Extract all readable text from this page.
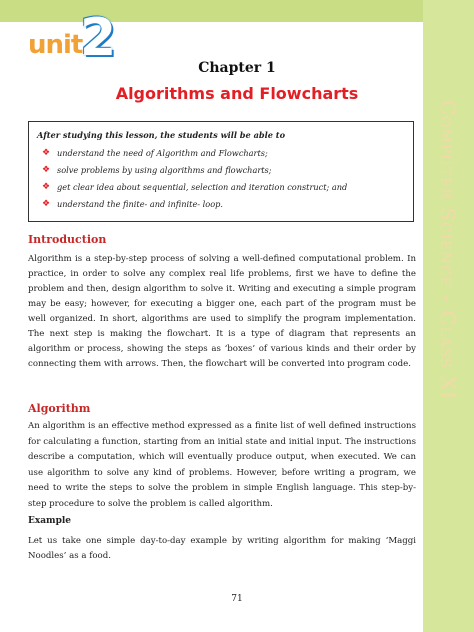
Computer Science - Class XI
unit
2	Chapter 1
Algorithms and Flowcharts
After studying this lesson, the students will be able to
❖ understand the need of Algorithm and Flowcharts;
❖ solve problems by using algorithms and flowcharts;
❖ get clear idea about sequential, selection and iteration construct; and
❖ understand the finite- and infinite- loop.
Introduction
Algorithm is a step-by-step process of solving a well-defined computational problem. In practice, in order to solve any complex real life problems, first we have to define the problem and then, design algorithm to solve it. Writing and executing a simple program may be easy; however, for executing a bigger one, each part of the program must be well organized. In short, algorithms are used to simplify the program implementation. The next step is making the flowchart. It is a type of diagram that represents an algorithm or process, showing the steps as ‘boxes’ of various kinds and their order by connecting them with arrows. Then, the flowchart will be converted into program code.
Algorithm
An algorithm is an effective method expressed as a finite list of well defined instructions for calculating a function, starting from an initial state and initial input. The instructions describe a computation, which will eventually produce output, when executed. We can use algorithm to solve any kind of problems. However, before writing a program, we need to write the steps to solve the problem in simple English language. This step-by-step procedure to solve the problem is called algorithm.
Example
Let us take one simple day-to-day example by writing algorithm for making ‘Maggi Noodles’ as a food.
71
